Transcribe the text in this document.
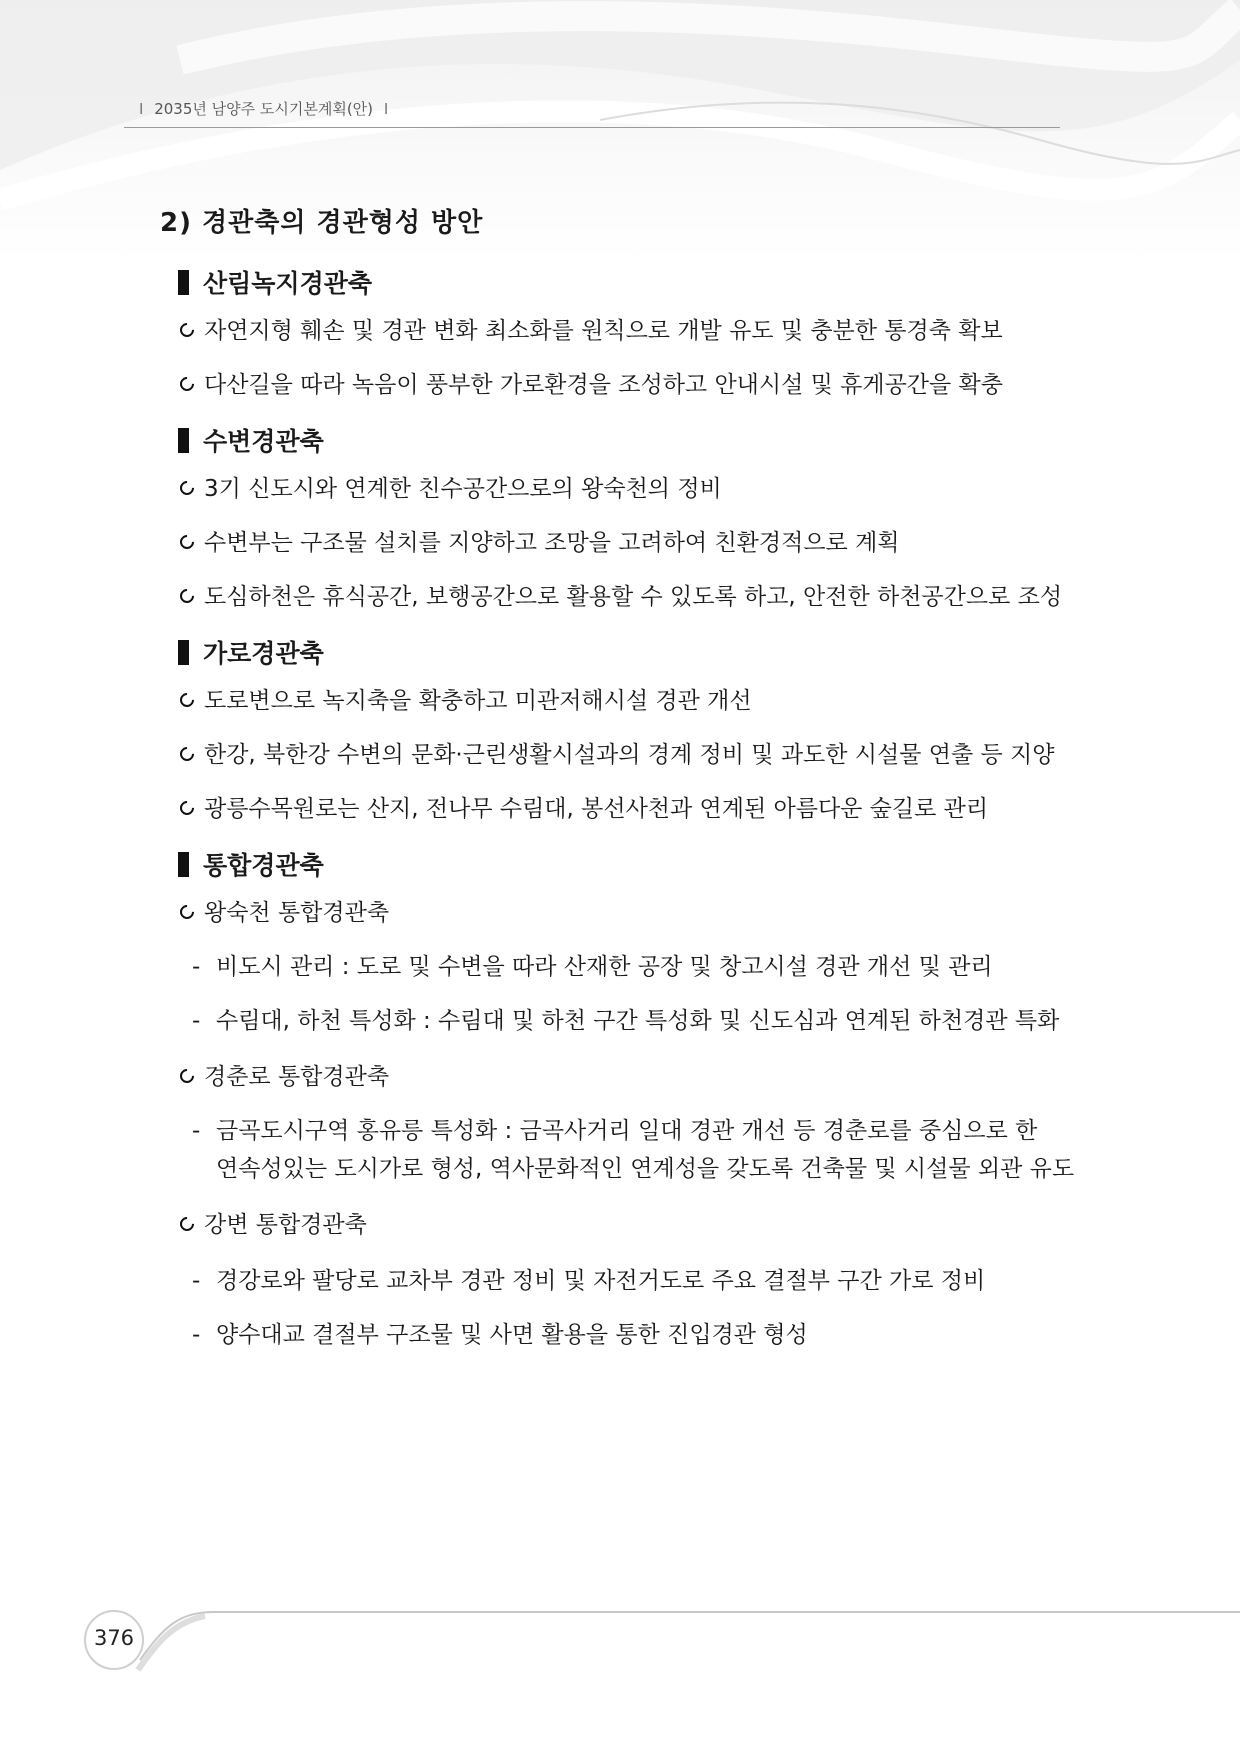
I 2035년 남양주 도시기본계획(안) I
2) 경관축의 경관형성 방안
산림녹지경관축
자연지형 훼손 및 경관 변화 최소화를 원칙으로 개발 유도 및 충분한 통경축 확보
다산길을 따라 녹음이 풍부한 가로환경을 조성하고 안내시설 및 휴게공간을 확충
수변경관축
3기 신도시와 연계한 친수공간으로의 왕숙천의 정비
수변부는 구조물 설치를 지양하고 조망을 고려하여 친환경적으로 계획
도심하천은 휴식공간, 보행공간으로 활용할 수 있도록 하고, 안전한 하천공간으로 조성
가로경관축
도로변으로 녹지축을 확충하고 미관저해시설 경관 개선
한강, 북한강 수변의 문화·근린생활시설과의 경계 정비 및 과도한 시설물 연출 등 지양
광릉수목원로는 산지, 전나무 수림대, 봉선사천과 연계된 아름다운 숲길로 관리
통합경관축
왕숙천 통합경관축
- 비도시 관리 : 도로 및 수변을 따라 산재한 공장 및 창고시설 경관 개선 및 관리
- 수림대, 하천 특성화 : 수림대 및 하천 구간 특성화 및 신도심과 연계된 하천경관 특화
경춘로 통합경관축
- 금곡도시구역 홍유릉 특성화 : 금곡사거리 일대 경관 개선 등 경춘로를 중심으로 한
연속성있는 도시가로 형성, 역사문화적인 연계성을 갖도록 건축물 및 시설물 외관 유도
강변 통합경관축
- 경강로와 팔당로 교차부 경관 정비 및 자전거도로 주요 결절부 구간 가로 정비
- 양수대교 결절부 구조물 및 사면 활용을 통한 진입경관 형성
376
